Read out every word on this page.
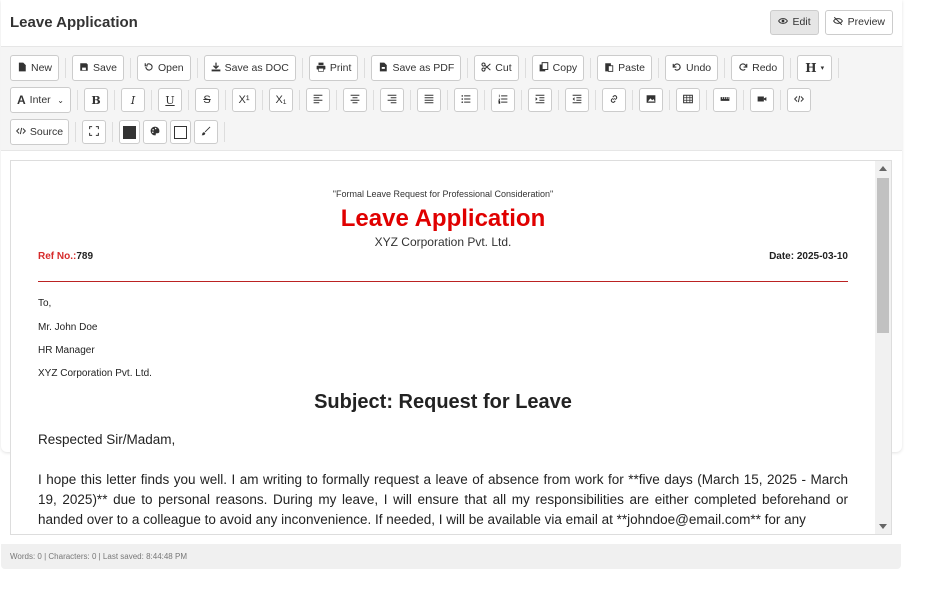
Leave Application	Edit	Preview
New	Save	Open	Save as DOC	Print	Save as PDF	Cut	Copy	Paste	Undo	Redo H ▾
A Inter ⌄ B	I	U	S	X¹ X₁
Source
"Formal Leave Request for Professional Consideration"
Leave Application
XYZ Corporation Pvt. Ltd.
Ref No.:789	Date: 2025-03-10
To,
Mr. John Doe
HR Manager
XYZ Corporation Pvt. Ltd.
Subject: Request for Leave
Respected Sir/Madam,
I hope this letter finds you well. I am writing to formally request a leave of absence from work for **five days (March 15, 2025 - March 19, 2025)** due to personal reasons. During my leave, I will ensure that all my responsibilities are either completed beforehand or handed over to a colleague to avoid any inconvenience. If needed, I will be available via email at **johndoe@email.com** for any
Words: 0 | Characters: 0 | Last saved: 8:44:48 PM
